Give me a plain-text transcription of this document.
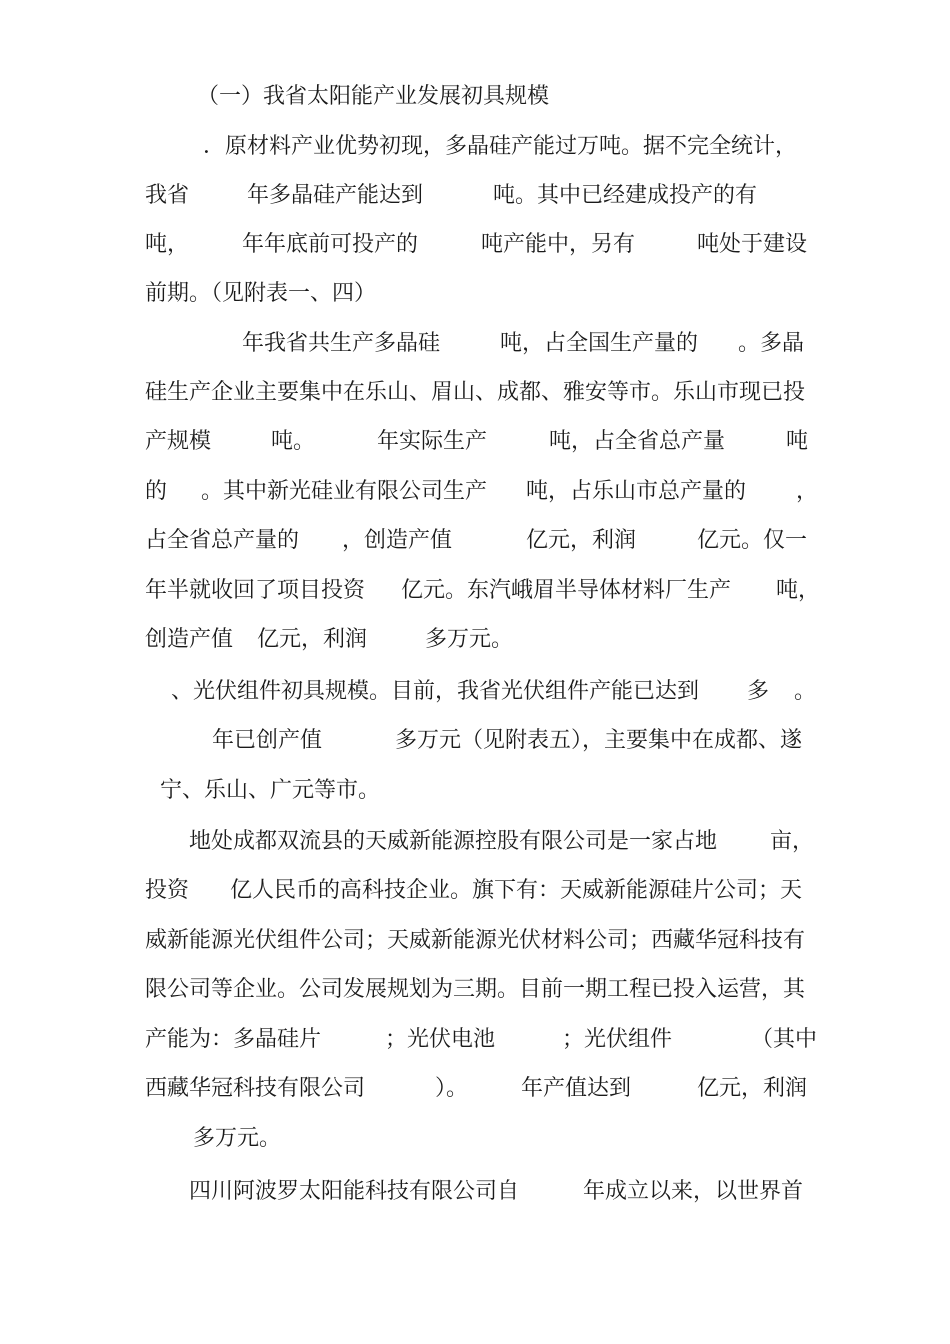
（一）我省太阳能产业发展初具规模
．原材料产业优势初现，多晶硅产能过万吨。据不完全统计，
我省	年多晶硅产能达到	吨。其中已经建成投产的有
吨， 年年底前可投产的	吨产能中，另有	吨处于建设
前期。（见附表一、四）
年我省共生产多晶硅	吨，占全国生产量的 。多晶
硅生产企业主要集中在乐山、眉山、成都、雅安等市。乐山市现已投
产规模	吨。	年实际生产	吨，占全省总产量	吨
的 。其中新光硅业有限公司生产 吨，占乐山市总产量的 ，
占全省总产量的 ，创造产值	亿元，利润	亿元。仅一
年半就收回了项目投资 亿元。东汽峨眉半导体材料厂生产 吨，
创造产值 亿元，利润	多万元。
、光伏组件初具规模。目前，我省光伏组件产能已达到 多 。
年已创产值	多万元（见附表五），主要集中在成都、遂
宁、乐山、广元等市。
地处成都双流县的天威新能源控股有限公司是一家占地 亩，
投资 亿人民币的高科技企业。旗下有：天威新能源硅片公司；天
威新能源光伏组件公司；天威新能源光伏材料公司；西藏华冠科技有
限公司等企业。公司发展规划为三期。目前一期工程已投入运营，其
产能为：多晶硅片	；光伏电池	；光伏组件	（其中
西藏华冠科技有限公司	）。 年产值达到	亿元，利润
多万元。
四川阿波罗太阳能科技有限公司自	年成立以来，以世界首
